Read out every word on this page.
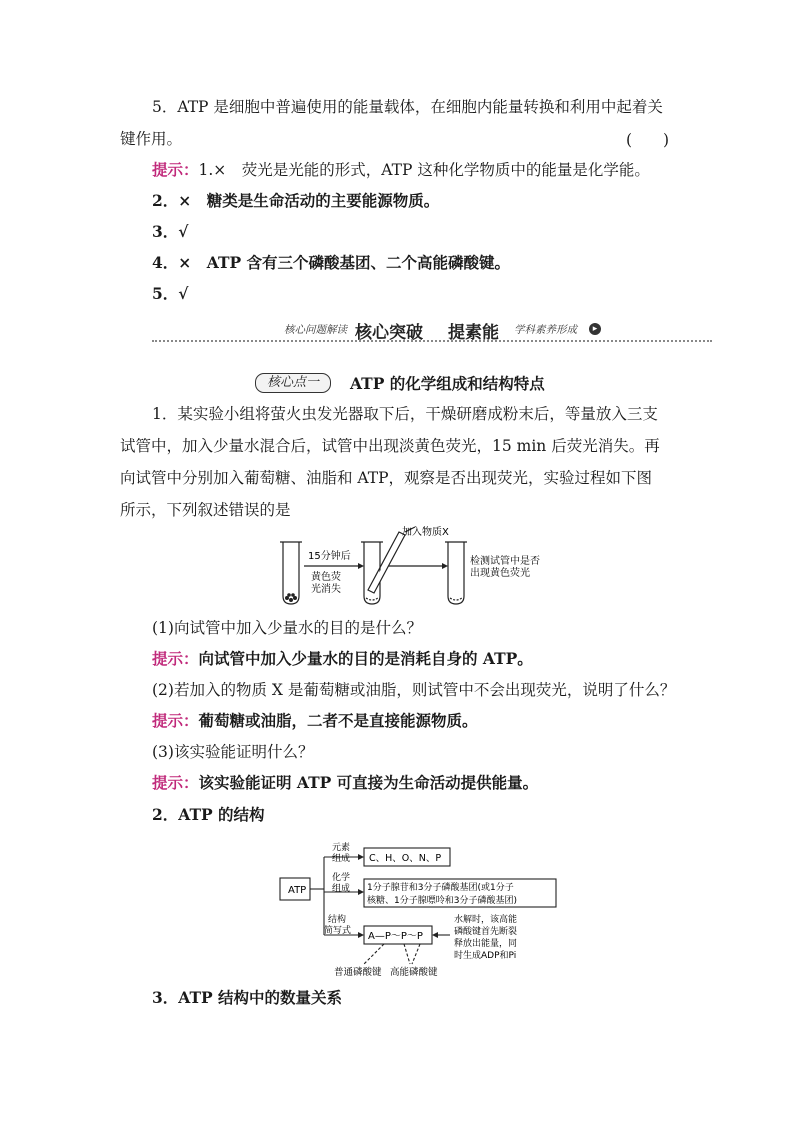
5．ATP 是细胞中普遍使用的能量载体，在细胞内能量转换和利用中起着关
键作用。	(　　)
提示：1.×　荧光是光能的形式，ATP 这种化学物质中的能量是化学能。
2．×　糖类是生命活动的主要能源物质。
3．√
4．×　ATP 含有三个磷酸基团、二个高能磷酸键。
5．√
核心问题解读 核心突破	▸
提素能 学科素养形成
核心点一	ATP 的化学组成和结构特点
1．某实验小组将萤火虫发光器取下后，干燥研磨成粉末后，等量放入三支
试管中，加入少量水混合后，试管中出现淡黄色荧光，15 min 后荧光消失。再
向试管中分别加入葡萄糖、油脂和 ATP，观察是否出现荧光，实验过程如下图
所示，下列叙述错误的是
15分钟后
黄色荧
光消失
加入物质X
检测试管中是否
出现黄色荧光
(1)向试管中加入少量水的目的是什么？
提示：向试管中加入少量水的目的是消耗自身的 ATP。
(2)若加入的物质 X 是葡萄糖或油脂，则试管中不会出现荧光，说明了什么？
提示：葡萄糖或油脂，二者不是直接能源物质。
(3)该实验能证明什么？
提示：该实验能证明 ATP 可直接为生命活动提供能量。
2．ATP 的结构
元素
组成
化学
组成
结构
简写式
ATP
C、H、O、N、P
1分子腺苷和3分子磷酸基团(或1分子
核糖、1分子腺嘌呤和3分子磷酸基团)
A—P～P～P
水解时，该高能
磷酸键首先断裂
释放出能量，同
时生成ADP和Pi
普通磷酸键 高能磷酸键
3．ATP 结构中的数量关系
